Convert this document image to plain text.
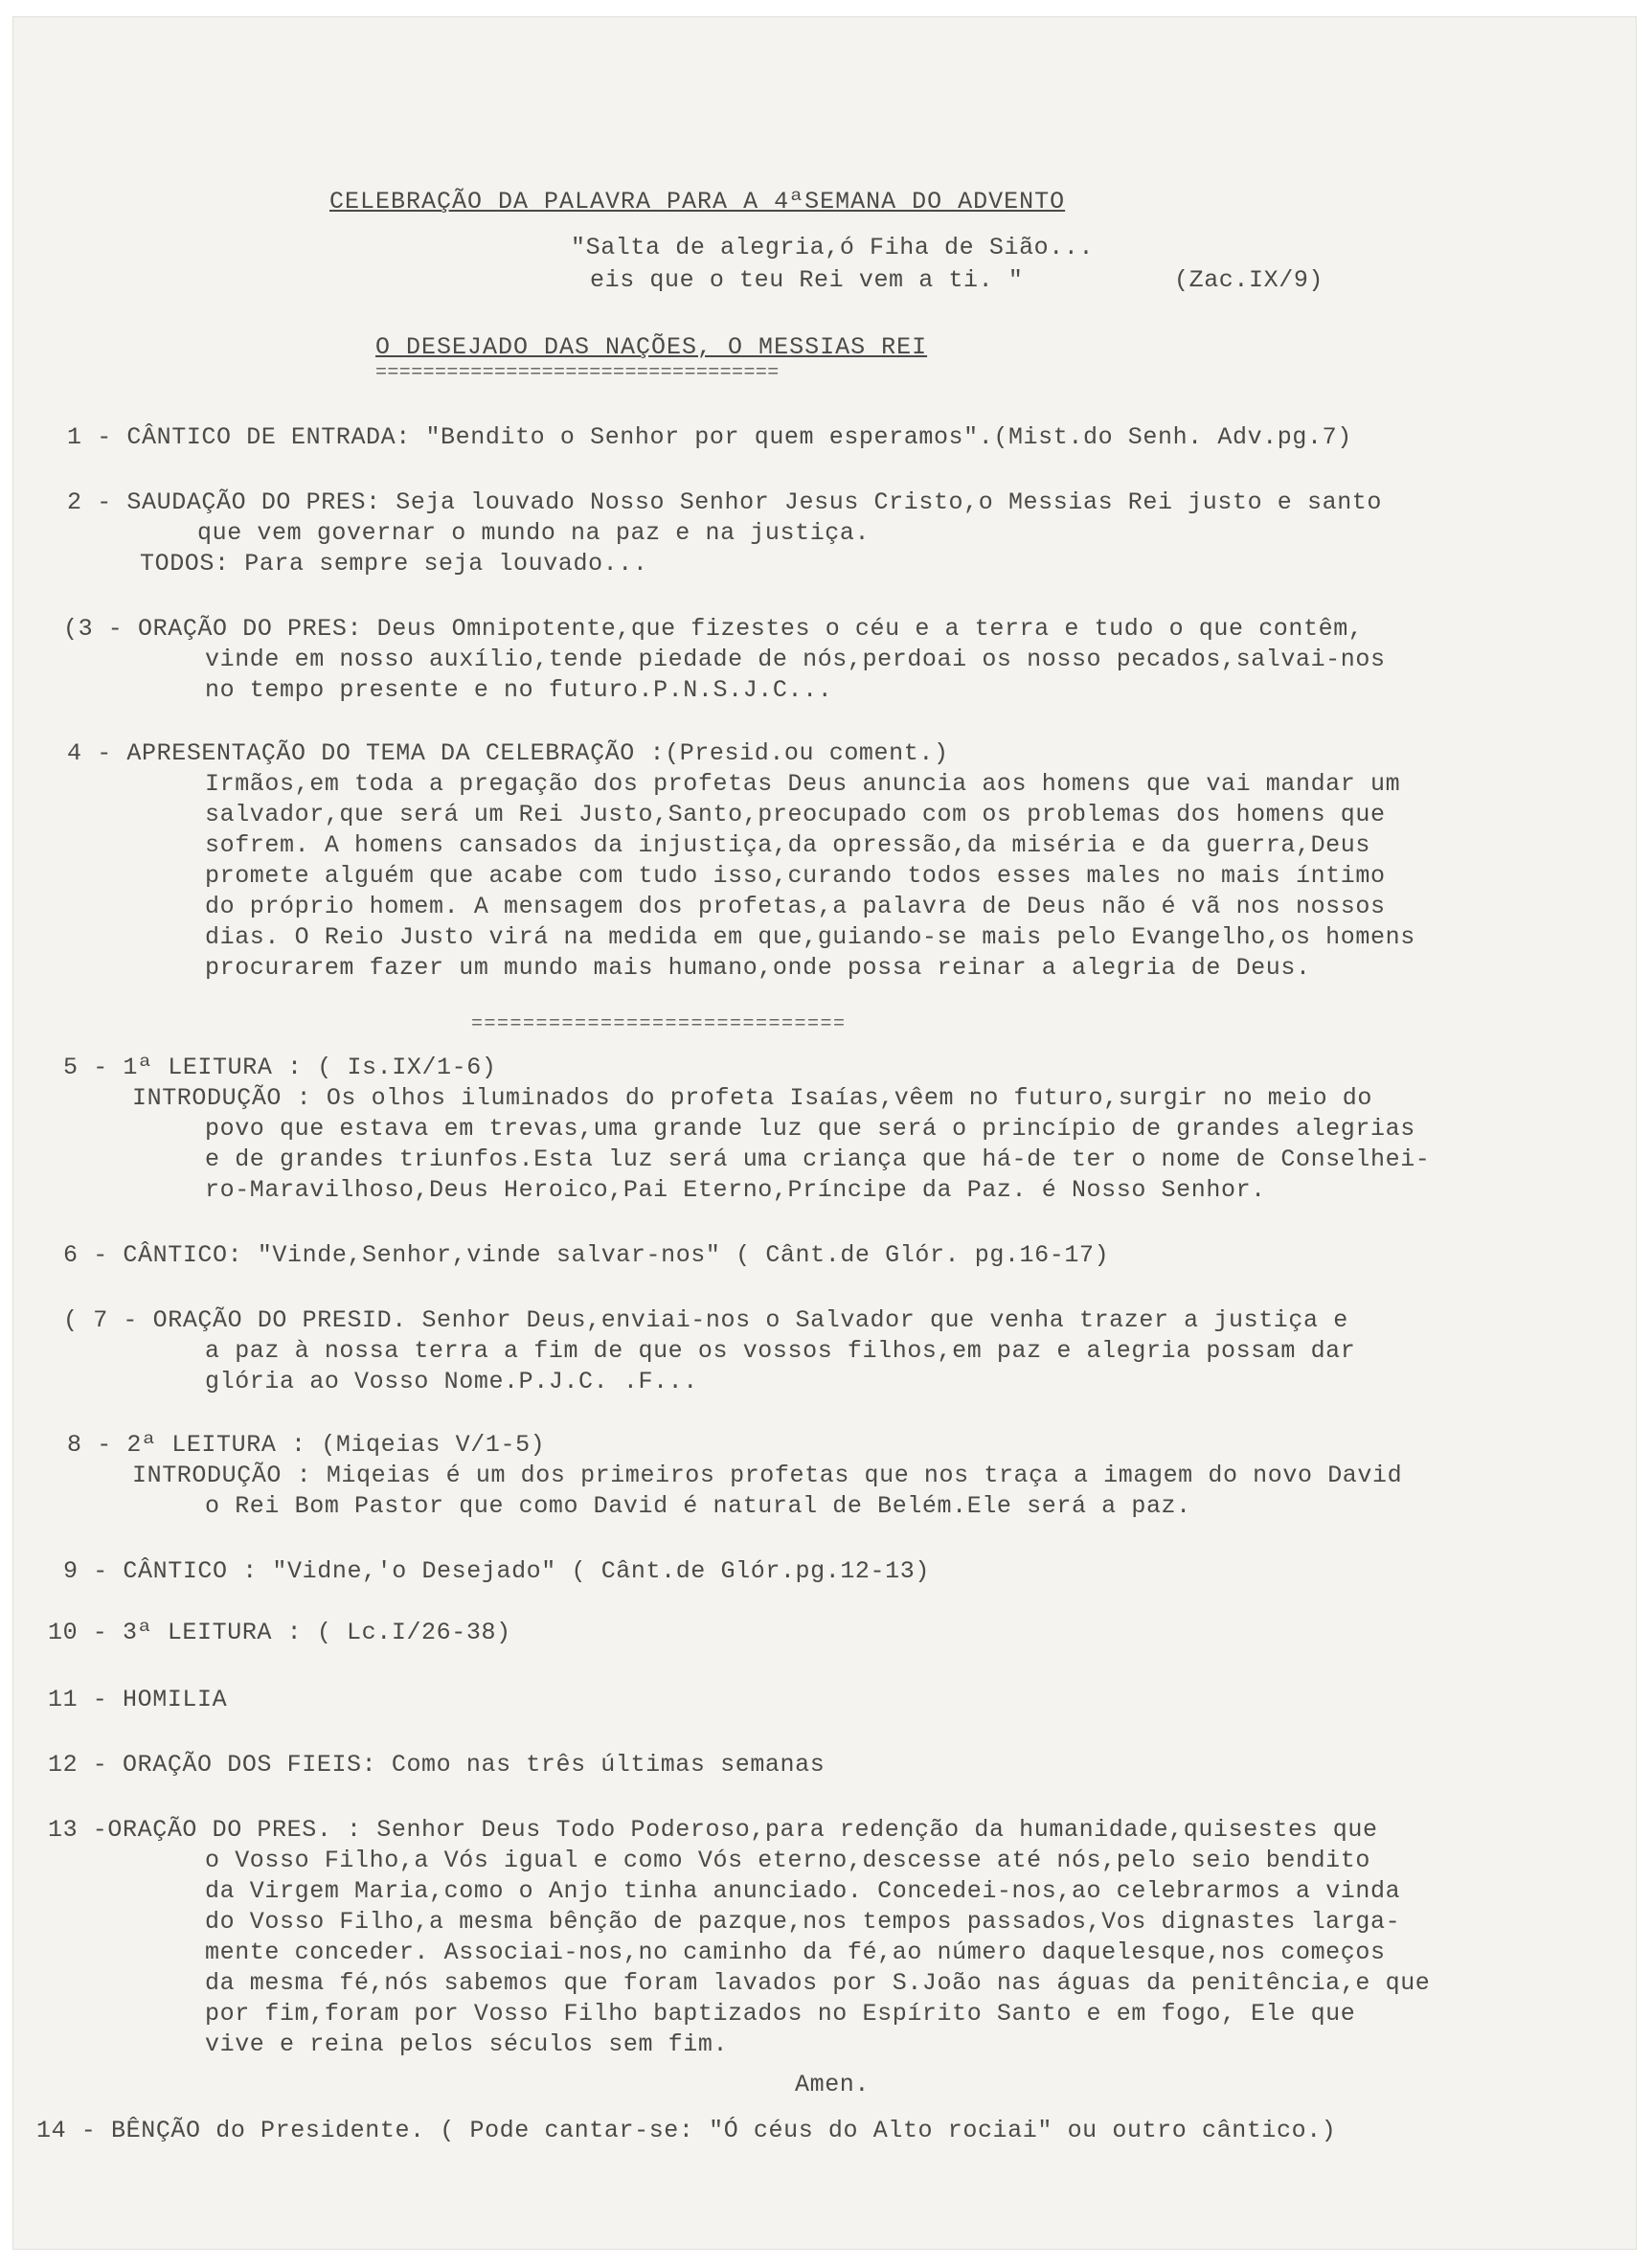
CELEBRAÇÃO DA PALAVRA PARA A 4ªSEMANA DO ADVENTO
"Salta de alegria,ó Fiha de Sião...
eis que o teu Rei vem a ti. "	(Zac.IX/9)
O DESEJADO DAS NAÇÕES, O MESSIAS REI
==================================
1 - CÂNTICO DE ENTRADA: "Bendito o Senhor por quem esperamos".(Mist.do Senh. Adv.pg.7)
2 - SAUDAÇÃO DO PRES: Seja louvado Nosso Senhor Jesus Cristo,o Messias Rei justo e santo
que vem governar o mundo na paz e na justiça.
TODOS: Para sempre seja louvado...
(3 - ORAÇÃO DO PRES: Deus Omnipotente,que fizestes o céu e a terra e tudo o que contêm,
vinde em nosso auxílio,tende piedade de nós,perdoai os nosso pecados,salvai-nos
no tempo presente e no futuro.P.N.S.J.C...
4 - APRESENTAÇÃO DO TEMA DA CELEBRAÇÃO :(Presid.ou coment.)
Irmãos,em toda a pregação dos profetas Deus anuncia aos homens que vai mandar um
salvador,que será um Rei Justo,Santo,preocupado com os problemas dos homens que
sofrem. A homens cansados da injustiça,da opressão,da miséria e da guerra,Deus
promete alguém que acabe com tudo isso,curando todos esses males no mais íntimo
do próprio homem. A mensagem dos profetas,a palavra de Deus não é vã nos nossos
dias. O Reio Justo virá na medida em que,guiando-se mais pelo Evangelho,os homens
procurarem fazer um mundo mais humano,onde possa reinar a alegria de Deus.
=============================
5 - 1ª LEITURA : ( Is.IX/1-6)
INTRODUÇÃO : Os olhos iluminados do profeta Isaías,vêem no futuro,surgir no meio do
povo que estava em trevas,uma grande luz que será o princípio de grandes alegrias
e de grandes triunfos.Esta luz será uma criança que há-de ter o nome de Conselhei-
ro-Maravilhoso,Deus Heroico,Pai Eterno,Príncipe da Paz. é Nosso Senhor.
6 - CÂNTICO: "Vinde,Senhor,vinde salvar-nos" ( Cânt.de Glór. pg.16-17)
( 7 - ORAÇÃO DO PRESID. Senhor Deus,enviai-nos o Salvador que venha trazer a justiça e
a paz à nossa terra a fim de que os vossos filhos,em paz e alegria possam dar
glória ao Vosso Nome.P.J.C. .F...
8 - 2ª LEITURA : (Miqeias V/1-5)
INTRODUÇÃO : Miqeias é um dos primeiros profetas que nos traça a imagem do novo David
o Rei Bom Pastor que como David é natural de Belém.Ele será a paz.
9 - CÂNTICO : "Vidne,'o Desejado" ( Cânt.de Glór.pg.12-13)
10 - 3ª LEITURA : ( Lc.I/26-38)
11 - HOMILIA
12 - ORAÇÃO DOS FIEIS: Como nas três últimas semanas
13 -ORAÇÃO DO PRES. : Senhor Deus Todo Poderoso,para redenção da humanidade,quisestes que
o Vosso Filho,a Vós igual e como Vós eterno,descesse até nós,pelo seio bendito
da Virgem Maria,como o Anjo tinha anunciado. Concedei-nos,ao celebrarmos a vinda
do Vosso Filho,a mesma bênção de pazque,nos tempos passados,Vos dignastes larga-
mente conceder. Associai-nos,no caminho da fé,ao número daquelesque,nos começos
da mesma fé,nós sabemos que foram lavados por S.João nas águas da penitência,e que
por fim,foram por Vosso Filho baptizados no Espírito Santo e em fogo, Ele que
vive e reina pelos séculos sem fim.
Amen.
14 - BÊNÇÃO do Presidente. ( Pode cantar-se: "Ó céus do Alto rociai" ou outro cântico.)
